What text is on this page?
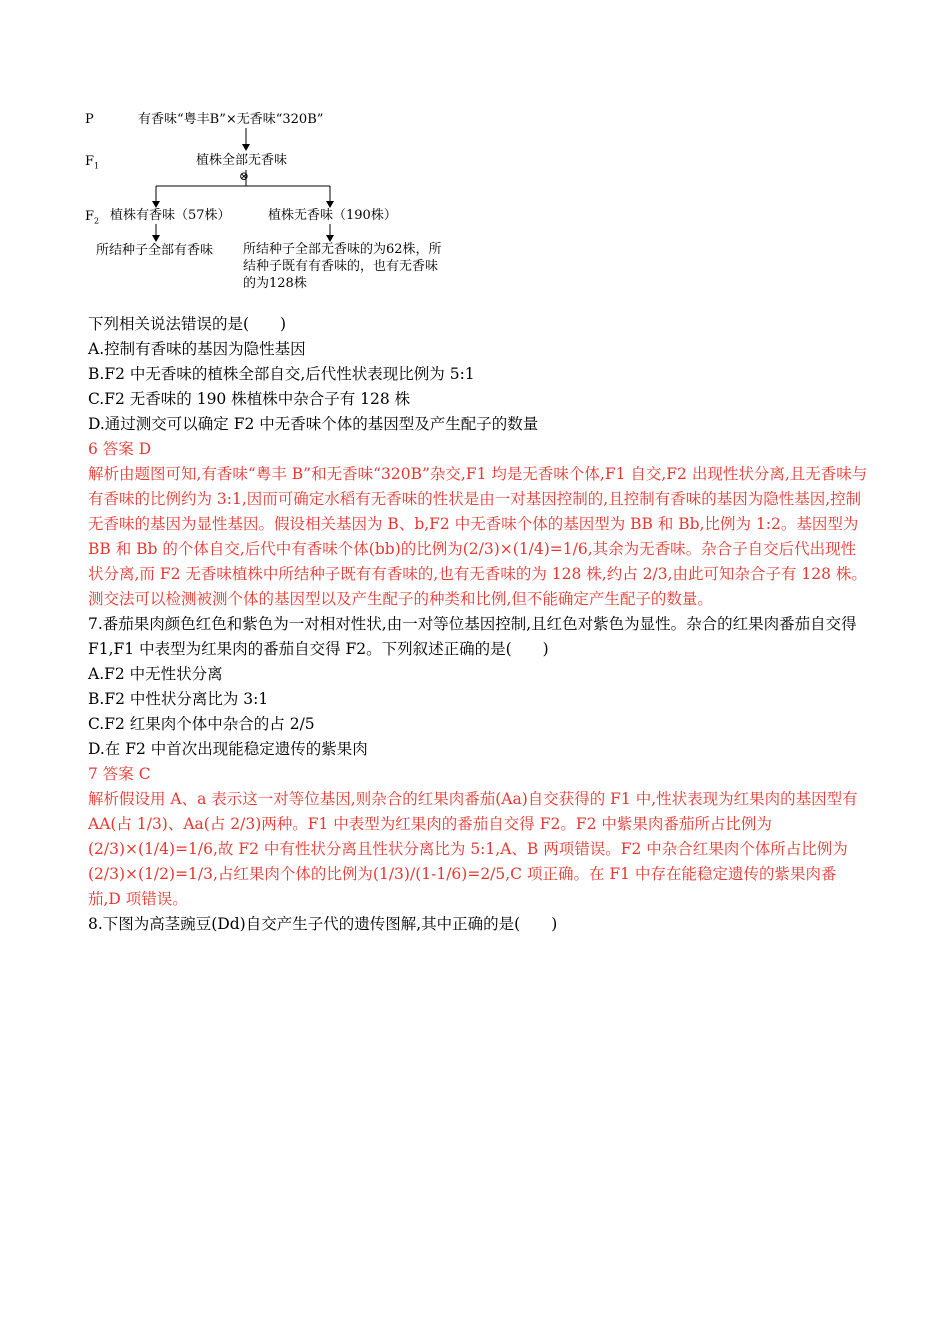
P	有香味“粤丰B”×无香味“320B”
$F_1$	植株全部无香味
⊗
$F_2$ 植株有香味（57株）	植株无香味（190株）
所结种子全部有香味 所结种子全部无香味的为62株，所结种子既有有香味的，也有无香味的为128株
下列相关说法错误的是(　　)
A.控制有香味的基因为隐性基因
B.F2 中无香味的植株全部自交,后代性状表现比例为 5:1
C.F2 无香味的 190 株植株中杂合子有 128 株
D.通过测交可以确定 F2 中无香味个体的基因型及产生配子的数量
6 答案 D
解析由题图可知,有香味“粤丰 B”和无香味“320B”杂交,F1 均是无香味个体,F1 自交,F2 出现性状分离,且无香味与有香味的比例约为 3:1,因而可确定水稻有无香味的性状是由一对基因控制的,且控制有香味的基因为隐性基因,控制无香味的基因为显性基因。假设相关基因为 B、b,F2 中无香味个体的基因型为 BB 和 Bb,比例为 1:2。基因型为 BB 和 Bb 的个体自交,后代中有香味个体(bb)的比例为(2/3)×(1/4)=1/6,其余为无香味。杂合子自交后代出现性状分离,而 F2 无香味植株中所结种子既有有香味的,也有无香味的为 128 株,约占 2/3,由此可知杂合子有 128 株。测交法可以检测被测个体的基因型以及产生配子的种类和比例,但不能确定产生配子的数量。
7.番茄果肉颜色红色和紫色为一对相对性状,由一对等位基因控制,且红色对紫色为显性。杂合的红果肉番茄自交得 F1,F1 中表型为红果肉的番茄自交得 F2。下列叙述正确的是(　　)
A.F2 中无性状分离
B.F2 中性状分离比为 3:1
C.F2 红果肉个体中杂合的占 2/5
D.在 F2 中首次出现能稳定遗传的紫果肉
7 答案 C
解析假设用 A、a 表示这一对等位基因,则杂合的红果肉番茄(Aa)自交获得的 F1 中,性状表现为红果肉的基因型有 AA(占 1/3)、Aa(占 2/3)两种。F1 中表型为红果肉的番茄自交得 F2。F2 中紫果肉番茄所占比例为(2/3)×(1/4)=1/6,故 F2 中有性状分离且性状分离比为 5:1,A、B 两项错误。F2 中杂合红果肉个体所占比例为(2/3)×(1/2)=1/3,占红果肉个体的比例为(1/3)/(1-1/6)=2/5,C 项正确。在 F1 中存在能稳定遗传的紫果肉番茄,D 项错误。
8.下图为高茎豌豆(Dd)自交产生子代的遗传图解,其中正确的是(　　)
